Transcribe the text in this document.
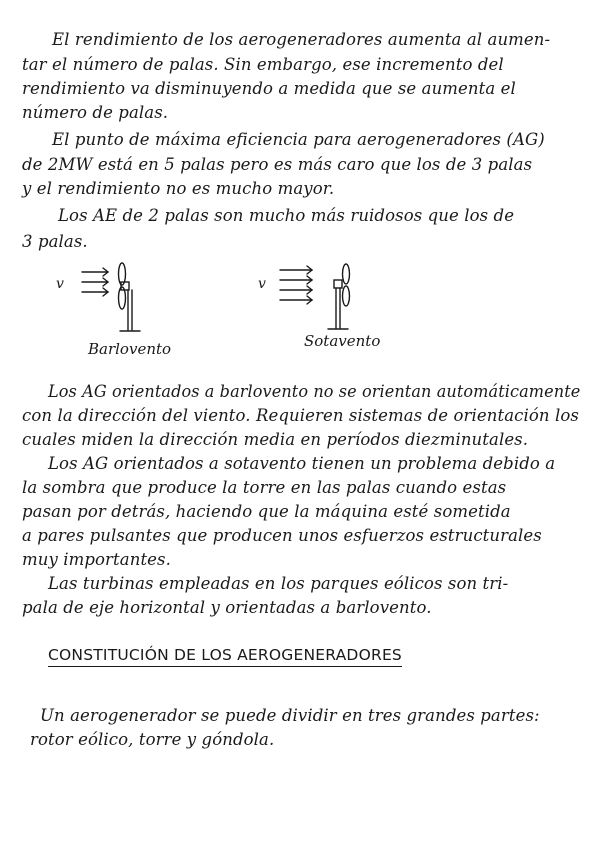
El rendimiento de los aerogeneradores aumenta al aumen-
tar el número de palas. Sin embargo, ese incremento del
rendimiento va disminuyendo a medida que se aumenta el
número de palas.
El punto de máxima eficiencia para aerogeneradores (AG)
de 2MW está en 5 palas pero es más caro que los de 3 palas
y el rendimiento no es mucho mayor.
Los AE de 2 palas son mucho más ruidosos que los de
3 palas.
v	v
Barlovento	Sotavento
Los AG orientados a barlovento no se orientan automáticamente
con la dirección del viento. Requieren sistemas de orientación los
cuales miden la dirección media en períodos diezminutales.
Los AG orientados a sotavento tienen un problema debido a
la sombra que produce la torre en las palas cuando estas
pasan por detrás, haciendo que la máquina esté sometida
a pares pulsantes que producen unos esfuerzos estructurales
muy importantes.
Las turbinas empleadas en los parques eólicos son tri-
pala de eje horizontal y orientadas a barlovento.
CONSTITUCIÓN DE LOS AEROGENERADORES
Un aerogenerador se puede dividir en tres grandes partes:
rotor eólico, torre y góndola.
